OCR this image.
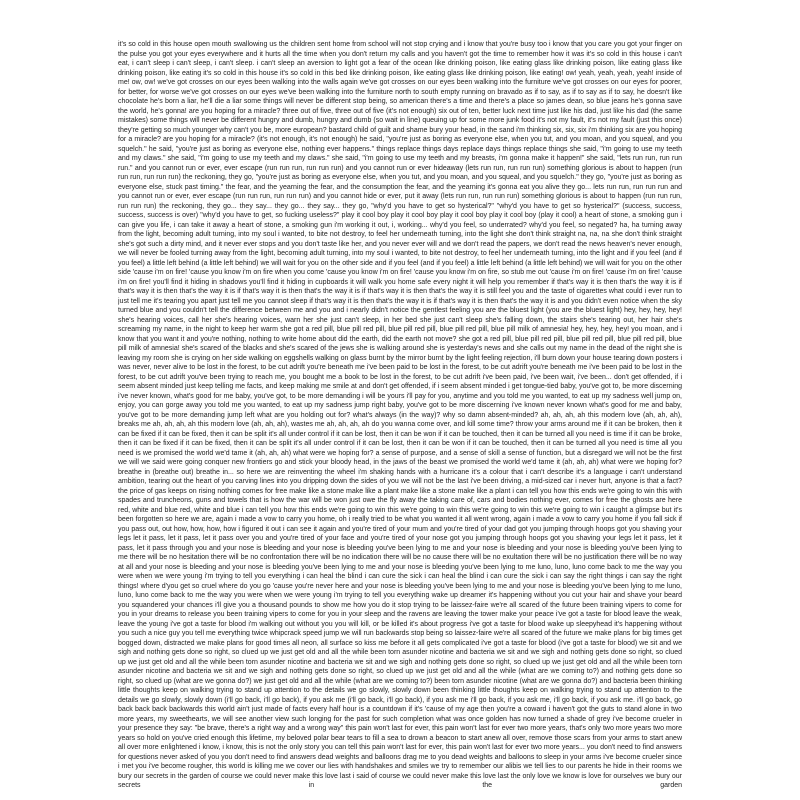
it's so cold in this house open mouth swallowing us the children sent home from school will not stop crying and i know that you're busy too i know that you care you got your finger on the pulse you got your eyes everywhere and it hurts all the time when you don't return my calls and you haven't got the time to remember how it was it's so cold in this house i can't eat, i can't sleep i can't sleep, i can't sleep. i can't sleep an aversion to light got a fear of the ocean like drinking poison, like eating glass like drinking poison, like eating glass like drinking poison, like eating it's so cold in this house it's so cold in this bed like drinking poison, like eating glass like drinking poison, like eating! ow! yeah, yeah, yeah, yeah! inside of me! ow, ow! we've got crosses on our eyes been walking into the walls again we've got crosses on our eyes been walking into the furniture we've got crosses on our eyes for poorer, for better, for worse we've got crosses on our eyes we've been walking into the furniture north to south empty running on bravado as if to say, as if to say as if to say, he doesn't like chocolate he's born a liar, he'll die a liar some things will never be different stop being, so american there's a time and there's a place so james dean, so blue jeans he's gonna save the world, he's gonna! are you hoping for a miracle? three out of five, three out of five (it's not enough) six out of ten, better luck next time just like his dad, just like his dad (the same mistakes) some things will never be different hungry and dumb, hungry and dumb (so wait in line) queuing up for some more junk food it's not my fault, it's not my fault (just this once) they're getting so much younger why can't you be, more european? bastard child of guilt and shame bury your head, in the sand i'm thinking six, six, six i'm thinking six are you hoping for a miracle? are you hoping for a miracle? (it's not enough, it's not enough) he said, "you're just as boring as everyone else, when you tut, and you moan, and you squeal, and you squelch." he said, "you're just as boring as everyone else, nothing ever happens." things replace things days replace days things replace things she said, "i'm going to use my teeth and my claws." she said, "i'm going to use my teeth and my claws." she said, "i'm going to use my teeth and my breasts, i'm gonna make it happen!" she said, "lets run run, run run run." and you cannot run or ever, ever escape (run run run, run run run) and you cannot run or ever hideaway (lets run run, run run run) something glorious is about to happen (run run run, run run run) the reckoning, they go, "you're just as boring as everyone else, when you tut, and you moan, and you squeal, and you squelch." they go, "you're just as boring as everyone else, stuck past timing." the fear, and the yearning the fear, and the consumption the fear, and the yearning it's gonna eat you alive they go... lets run run, run run run and you cannot run or ever, ever escape (run run run, run run run) and you cannot hide or ever, put it away (lets run run, run run run) something glorious is about to happen (run run run, run run run) the reckoning, they go... they say... they go... they say... they go, "why'd you have to get so hysterical?" "why'd you have to get so hysterical?" (success, success, success, success is over) "why'd you have to get, so fucking useless?" play it cool boy play it cool boy play it cool boy play it cool boy (play it cool) a heart of stone, a smoking gun i can give you life, i can take it away a heart of stone, a smoking gun i'm working it out, i, working... why'd you feel, so underrated? why'd you feel, so negated? ha, ha turning away from the light, becoming adult turning, into my soul i wanted, to bite not destroy, to feel her underneath turning, into the light she don't think straight na, na, na she don't think straight she's got such a dirty mind, and it never ever stops and you don't taste like her, and you never ever will and we don't read the papers, we don't read the news heaven's never enough, we will never be fooled turning away from the light, becoming adult turning, into my soul i wanted, to bite not destroy, to feel her underneath turning, into the light and if you feel (and if you feel) a little left behind (a little left behind) we will wait for you on the other side and if you feel (and if you feel) a little left behind (a little left behind) we will wait for you on the other side 'cause i'm on fire! 'cause you know i'm on fire when you come 'cause you know i'm on fire! 'cause you know i'm on fire, so stub me out 'cause i'm on fire! 'cause i'm on fire! 'cause i'm on fire! you'll find it hiding in shadows you'll find it hiding in cupboards it will walk you home safe every night it will help you remember if that's way it is then that's the way it is if that's way it is then that's the way it is if that's way it is then that's the way it is if that's way it is then that's the way it is still feel you and the taste of cigarettes what could i ever run to just tell me it's tearing you apart just tell me you cannot sleep if that's way it is then that's the way it is if that's way it is then that's the way it is and you didn't even notice when the sky turned blue and you couldn't tell the difference between me and you and i nearly didn't notice the gentlest feeling you are the bluest light (you are the bluest light) hey, hey, hey, hey! she's hearing voices, call her she's hearing voices, warn her she just can't sleep, in her bed she just can't sleep she's falling down, the stairs she's tearing out, her hair she's screaming my name, in the night to keep her warm she got a red pill, blue pill red pill, blue pill red pill, blue pill red pill, blue pill milk of amnesia! hey, hey, hey, hey! you moan, and i know that you want it and you're nothing, nothing to write home about did the earth, did the earth not move? she got a red pill, blue pill red pill, blue pill red pill, blue pill red pill, blue pill milk of amnesia! she's scared of the blacks and she's scared of the jews she is walking around she is yesterday's news and she calls out my name in the dead of the night she is leaving my room she is crying on her side walking on eggshells walking on glass burnt by the mirror burnt by the light feeling rejection, i'll burn down your house tearing down posters i was never, never alive to be lost in the forest, to be cut adrift you're beneath me i've been paid to be lost in the forest, to be cut adrift you're beneath me i've been paid to be lost in the forest, to be cut adrift you've been trying to reach me, you bought me a book to be lost in the forest, to be cut adrift i've been paid, i've been wait, i've been... don't get offended, if i seem absent minded just keep telling me facts, and keep making me smile at and don't get offended, if i seem absent minded i get tongue-tied baby, you've got to, be more discerning i've never known, what's good for me baby, you've got, to be more demanding i will be yours i'll pay for you, anytime and you told me you wanted, to eat up my sadness well jump on, enjoy, you can gorge away you told me you wanted, to eat up my sadness jump right baby, you've got to be more discerning i've known never known what's good for me and baby, you've got to be more demanding jump left what are you holding out for? what's always (in the way)? why so damn absent-minded? ah, ah, ah, ah this modern love (ah, ah, ah), breaks me ah, ah, ah, ah this modern love (ah, ah, ah), wastes me ah, ah, ah, ah do you wanna come over, and kill some time? throw your arms around me if it can be broken, then it can be fixed if it can be fixed, then it can be split it's all under control if it can be lost, then it can be won if it can be touched, then it can be turned all you need is time if it can be broke, then it can be fixed if it can be fixed, then it can be split it's all under control if it can be lost, then it can be won if it can be touched, then it can be turned all you need is time all you need is we promised the world we'd tame it (ah, ah, ah) what were we hoping for? a sense of purpose, and a sense of skill a sense of function, but a disregard we will not be the first we will we said were going conquer new frontiers go and stick your bloody head, in the jaws of the beast we promised the world we'd tame it (ah, ah, ah) what were we hoping for? breathe in (breathe out) breathe in... so here we are reinventing the wheel i'm shaking hands with a hurricane it's a colour that i can't describe it's a language i can't understand ambition, tearing out the heart of you carving lines into you dripping down the sides of you we will not be the last i've been driving, a mid-sized car i never hurt, anyone is that a fact? the price of gas keeps on rising nothing comes for free make like a stone make like a plant make like a stone make like a plant i can tell you how this ends we're going to win this with spades and truncheons, guns and towels that is how the war will be won just owe the fly away the taking care of, cars and bodies nothing ever, comes for free the ghosts are here red, white and blue red, white and blue i can tell you how this ends we're going to win this we're going to win this we're going to win this we're going to win i caught a glimpse but it's been forgotten so here we are, again i made a vow to carry you home, oh i really tried to be what you wanted it all went wrong, again i made a vow to carry you home if you fall sick if you pass out, out how, how, how, how i figured it out i can see it again and you're tired of your mum and you're tired of your dad got you jumping through hoops got you shaving your legs let it pass, let it pass, let it pass over you and you're tired of your face and you're tired of your nose got you jumping through hoops got you shaving your legs let it pass, let it pass, let it pass through you and your nose is bleeding and your nose is bleeding you've been lying to me and your nose is bleeding and your nose is bleeding you've been lying to me there will be no hesitation there will be no confrontation there will be no indication there will be no cause there will be no exultation there will be no justification there will be no way at all and your nose is bleeding and your nose is bleeding you've been lying to me and your nose is bleeding you've been lying to me luno, luno, luno come back to me the way you were when we were young i'm trying to tell you everything i can heal the blind i can cure the sick i can heal the blind i can cure the sick i can say the right things i can say the right things! where d'you get so cruel where do you go 'cause you're never here and your nose is bleeding you've been lying to me and your nose is bleeding you've been lying to me luno, luno, luno come back to me the way you were when we were young i'm trying to tell you everything wake up dreamer it's happening without you cut your hair and shave your beard you squandered your chances i'll give you a thousand pounds to show me how you do it stop trying to be laissez-faire we're all scared of the future been training vipers to come for you in your dreams to release you been training vipers to come for you in your sleep and the ravens are leaving the tower make your peace i've got a taste for blood leave the weak, leave the young i've got a taste for blood i'm walking out without you you will kill, or be killed it's about progress i've got a taste for blood wake up sleepyhead it's happening without you such a nice guy you tell me everything twice whipcrack speed jump we will run backwards stop being so laissez-faire we're all scared of the future we make plans for big times get bogged down, distracted we make plans for good times all neon, all surface so kiss me before it all gets complicated i've got a taste for blood (i've got a taste for blood) we sit and we sigh and nothing gets done so right, so clued up we just get old and all the while been torn asunder nicotine and bacteria we sit and we sigh and nothing gets done so right, so clued up we just get old and all the while been torn asunder nicotine and bacteria we sit and we sigh and nothing gets done so right, so clued up we just get old and all the while been torn asunder nicotine and bacteria we sit and we sigh and nothing gets done so right, so clued up we just get old and all the while (what are we coming to?) and nothing gets done so right, so clued up (what are we gonna do?) we just get old and all the while (what are we coming to?) been torn asunder nicotine (what are we gonna do?) and bacteria been thinking little thoughts keep on walking trying to stand up attention to the details we go slowly, slowly down been thinking little thoughts keep on walking trying to stand up attention to the details we go slowly, slowly down (i'll go back, i'll go back), if you ask me (i'll go back, i'll go back), if you ask me i'll go back, if you ask me, i'll go back, if you ask me. i'll go back, go back back back backwards this world ain't just made of facts every half hour is a countdown if it's 'cause of my age then you're a coward i haven't got the guts to stand alone in two more years, my sweethearts, we will see another view such longing for the past for such completion what was once golden has now turned a shade of grey i've become crueler in your presence they say: "be brave, there's a right way and a wrong way" this pain won't last for ever, this pain won't last for ever two more years, that's only two more years two more years so hold on you've cried enough this lifetime, my beloved polar bear tears to fill a sea to drown a beacon to start anew all over, remove those scars from your arms to start anew all over more enlightened i know, i know, this is not the only story you can tell this pain won't last for ever, this pain won't last for ever two more years... you don't need to find answers for questions never asked of you you don't need to find answers dead weights and balloons drag me to you dead weights and balloons to sleep in your arms i've become crueler since i met you i've become rougher, this world is killing me we cover our lies with handshakes and smiles we try to remember our alibis we tell lies to our parents he hide in their rooms we bury our secrets in the garden of course we could never make this love last i said of course we could never make this love last the only love we know is love for ourselves we bury our secrets in the garden
